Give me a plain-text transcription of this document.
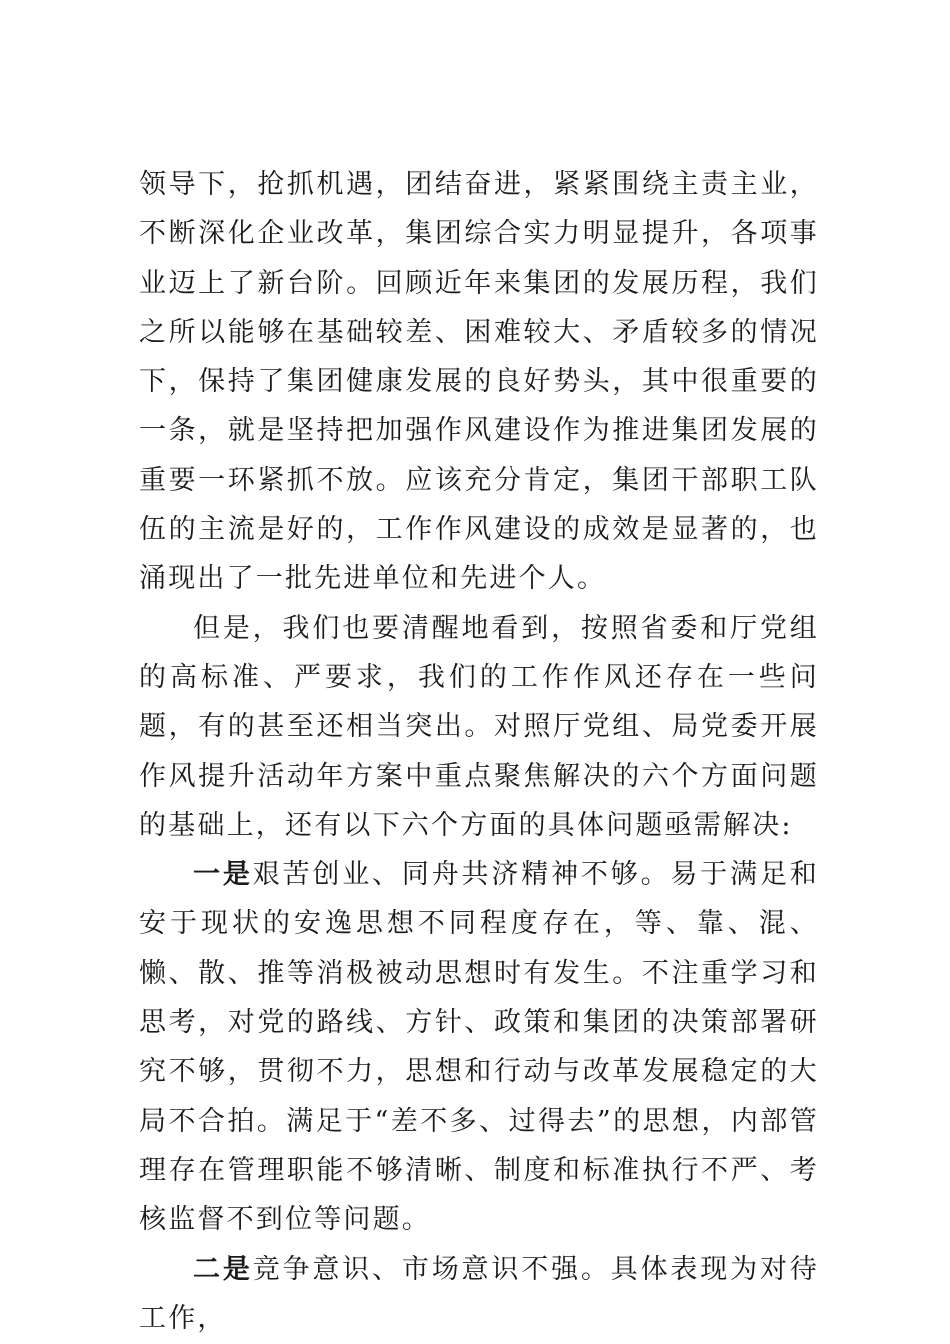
领导下，抢抓机遇，团结奋进，紧紧围绕主责主业，不断深化企业改革，集团综合实力明显提升，各项事业迈上了新台阶。回顾近年来集团的发展历程，我们之所以能够在基础较差、困难较大、矛盾较多的情况下，保持了集团健康发展的良好势头，其中很重要的一条，就是坚持把加强作风建设作为推进集团发展的重要一环紧抓不放。应该充分肯定，集团干部职工队伍的主流是好的，工作作风建设的成效是显著的，也涌现出了一批先进单位和先进个人。

但是，我们也要清醒地看到，按照省委和厅党组的高标准、严要求，我们的工作作风还存在一些问题，有的甚至还相当突出。对照厅党组、局党委开展作风提升活动年方案中重点聚焦解决的六个方面问题的基础上，还有以下六个方面的具体问题亟需解决:

一是艰苦创业、同舟共济精神不够。易于满足和安于现状的安逸思想不同程度存在，等、靠、混、懒、散、推等消极被动思想时有发生。不注重学习和思考，对党的路线、方针、政策和集团的决策部署研究不够，贯彻不力，思想和行动与改革发展稳定的大局不合拍。满足于“差不多、过得去”的思想，内部管理存在管理职能不够清晰、制度和标准执行不严、考核监督不到位等问题。

二是竞争意识、市场意识不强。具体表现为对待工作，
